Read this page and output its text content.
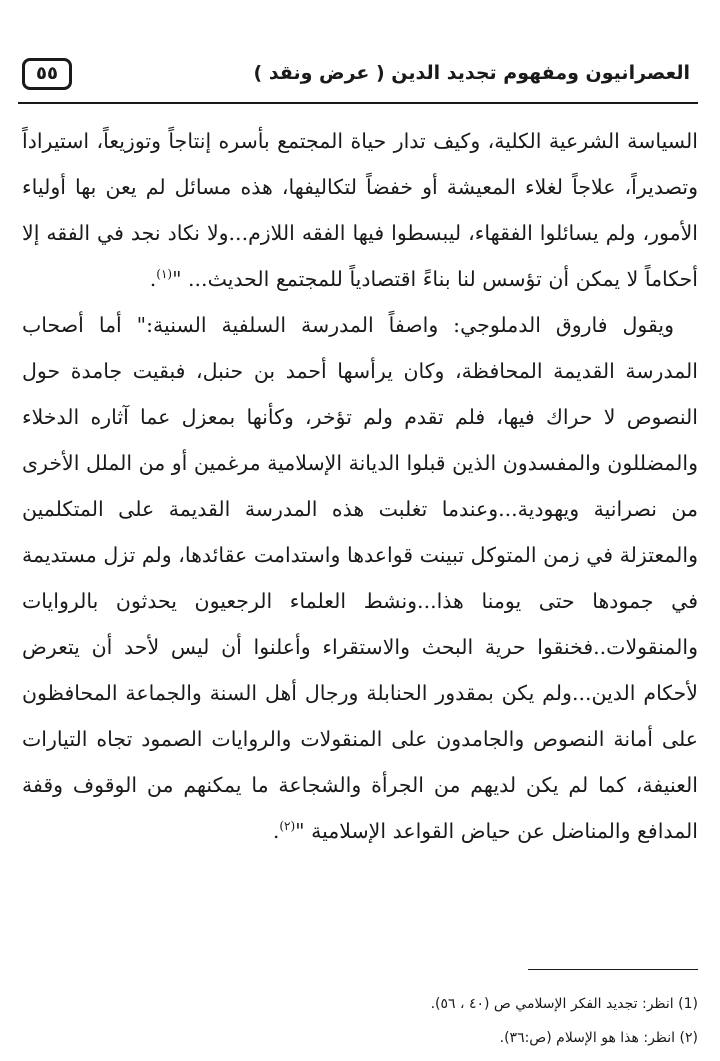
العصرانيون ومفهوم تجديد الدين ( عرض ونقد )
٥٥

السياسة الشرعية الكلية، وكيف تدار حياة المجتمع بأسره إنتاجاً وتوزيعاً، استيراداً وتصديراً، علاجاً لغلاء المعيشة أو خفضاً لتكاليفها، هذه مسائل لم يعن بها أولياء الأمور، ولم يسائلوا الفقهاء، ليبسطوا فيها الفقه اللازم...ولا نكاد نجد في الفقه إلا أحكاماً لا يمكن أن تؤسس لنا بناءً اقتصادياً للمجتمع الحديث... "$^{(١)}$.

ويقول فاروق الدملوجي: واصفاً المدرسة السلفية السنية:" أما أصحاب المدرسة القديمة المحافظة، وكان يرأسها أحمد بن حنبل، فبقيت جامدة حول النصوص لا حراك فيها، فلم تقدم ولم تؤخر، وكأنها بمعزل عما آثاره الدخلاء والمضللون والمفسدون الذين قبلوا الديانة الإسلامية مرغمين أو من الملل الأخرى من نصرانية ويهودية...وعندما تغلبت هذه المدرسة القديمة على المتكلمين والمعتزلة في زمن المتوكل تبينت قواعدها واستدامت عقائدها، ولم تزل مستديمة في جمودها حتى يومنا هذا...ونشط العلماء الرجعيون يحدثون بالروايات والمنقولات..فخنقوا حرية البحث والاستقراء وأعلنوا أن ليس لأحد أن يتعرض لأحكام الدين...ولم يكن بمقدور الحنابلة ورجال أهل السنة والجماعة المحافظون على أمانة النصوص والجامدون على المنقولات والروايات الصمود تجاه التيارات العنيفة، كما لم يكن لديهم من الجرأة والشجاعة ما يمكنهم من الوقوف وقفة المدافع والمناضل عن حياض القواعد الإسلامية "$^{(٢)}$.

(1) انظر: تجديد الفكر الإسلامي ص (٤٠ ، ٥٦).

(٢) انظر: هذا هو الإسلام (ص:٣٦).
